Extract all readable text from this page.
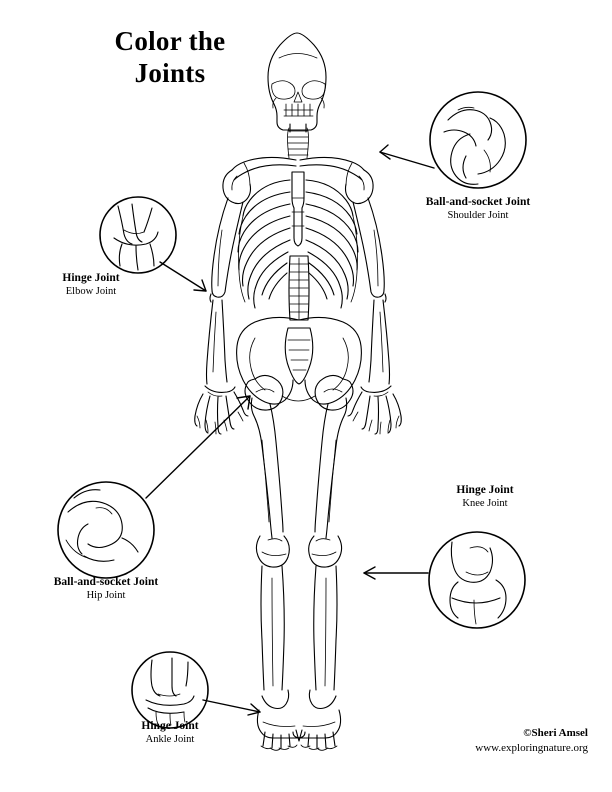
Color the
Joints
Ball-and-socket Joint
Shoulder Joint
Hinge Joint
Elbow Joint
Ball-and-socket Joint
Hip Joint
Hinge Joint
Knee Joint
Hinge Joint
Ankle Joint	©Sheri Amsel
www.exploringnature.org
